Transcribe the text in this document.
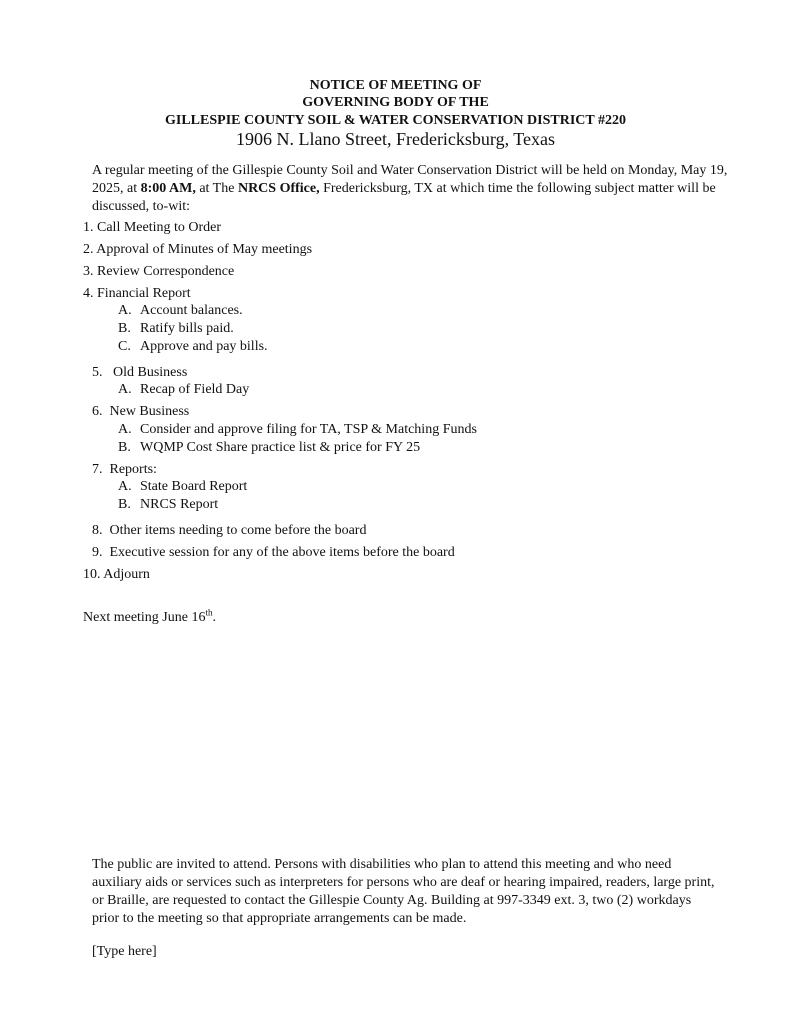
NOTICE OF MEETING OF
GOVERNING BODY OF THE
GILLESPIE COUNTY SOIL & WATER CONSERVATION DISTRICT #220
1906 N. Llano Street, Fredericksburg, Texas
A regular meeting of the Gillespie County Soil and Water Conservation District will be held on Monday, May 19, 2025, at 8:00 AM, at The NRCS Office, Fredericksburg, TX at which time the following subject matter will be discussed, to-wit:
1. Call Meeting to Order
2. Approval of Minutes of May meetings
3. Review Correspondence
4. Financial Report
A. Account balances.
B. Ratify bills paid.
C. Approve and pay bills.
5.   Old Business
A. Recap of Field Day
6.  New Business
A. Consider and approve filing for TA, TSP & Matching Funds
B. WQMP Cost Share practice list & price for FY 25
7.  Reports:
A. State Board Report
B. NRCS Report
8.  Other items needing to come before the board
9.  Executive session for any of the above items before the board
10. Adjourn
Next meeting June 16th.
The public are invited to attend. Persons with disabilities who plan to attend this meeting and who need auxiliary aids or services such as interpreters for persons who are deaf or hearing impaired, readers, large print, or Braille, are requested to contact the Gillespie County Ag. Building at 997-3349 ext. 3, two (2) workdays prior to the meeting so that appropriate arrangements can be made.
[Type here]
